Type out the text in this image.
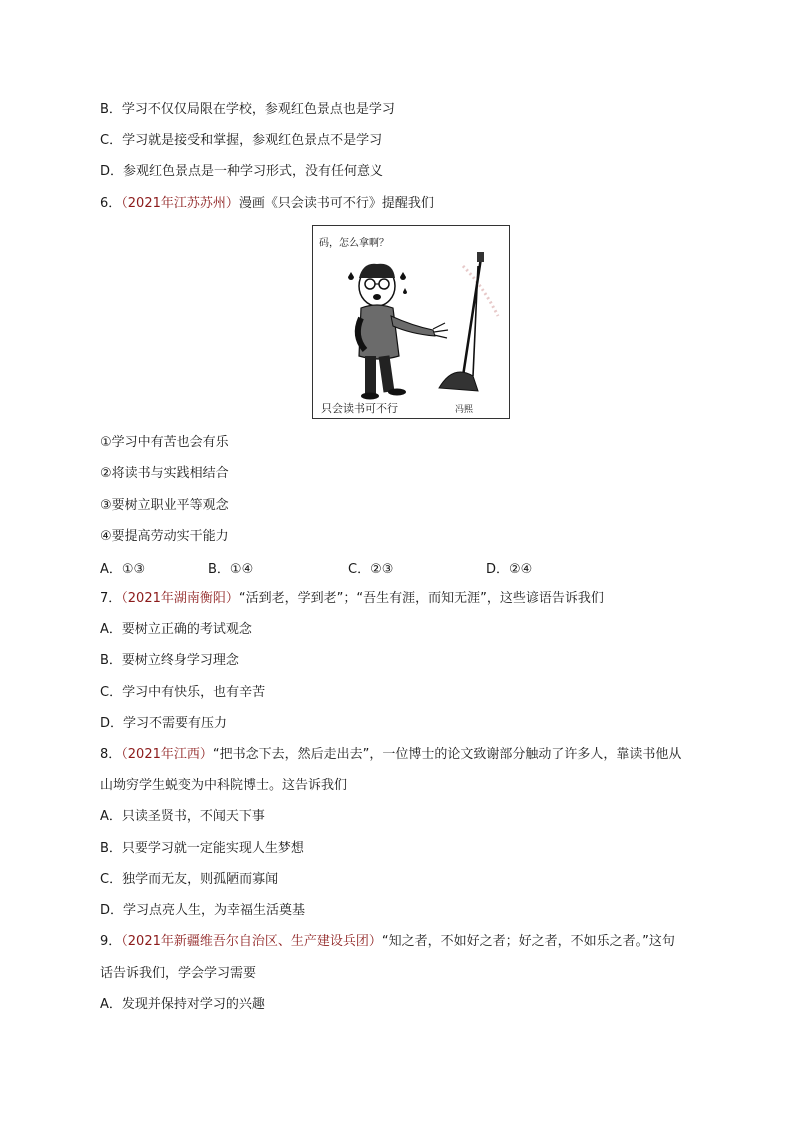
B．学习不仅仅局限在学校，参观红色景点也是学习
C．学习就是接受和掌握，参观红色景点不是学习
D．参观红色景点是一种学习形式，没有任何意义
6．（2021年江苏苏州）漫画《只会读书可不行》提醒我们
码，怎么拿啊？
只会读书可不行	冯熙
①学习中有苦也会有乐
②将读书与实践相结合
③要树立职业平等观念
④要提高劳动实干能力
A．①③	B．①④	C．②③	D．②④
7．（2021年湖南衡阳）“活到老，学到老”；“吾生有涯，而知无涯”，这些谚语告诉我们
A．要树立正确的考试观念
B．要树立终身学习理念
C．学习中有快乐，也有辛苦
D．学习不需要有压力
8．（2021年江西）“把书念下去，然后走出去”，一位博士的论文致谢部分触动了许多人，靠读书他从
山坳穷学生蜕变为中科院博士。这告诉我们
A．只读圣贤书，不闻天下事
B．只要学习就一定能实现人生梦想
C．独学而无友，则孤陋而寡闻
D．学习点亮人生，为幸福生活奠基
9．（2021年新疆维吾尔自治区、生产建设兵团）“知之者，不如好之者；好之者，不如乐之者。”这句
话告诉我们，学会学习需要
A．发现并保持对学习的兴趣
